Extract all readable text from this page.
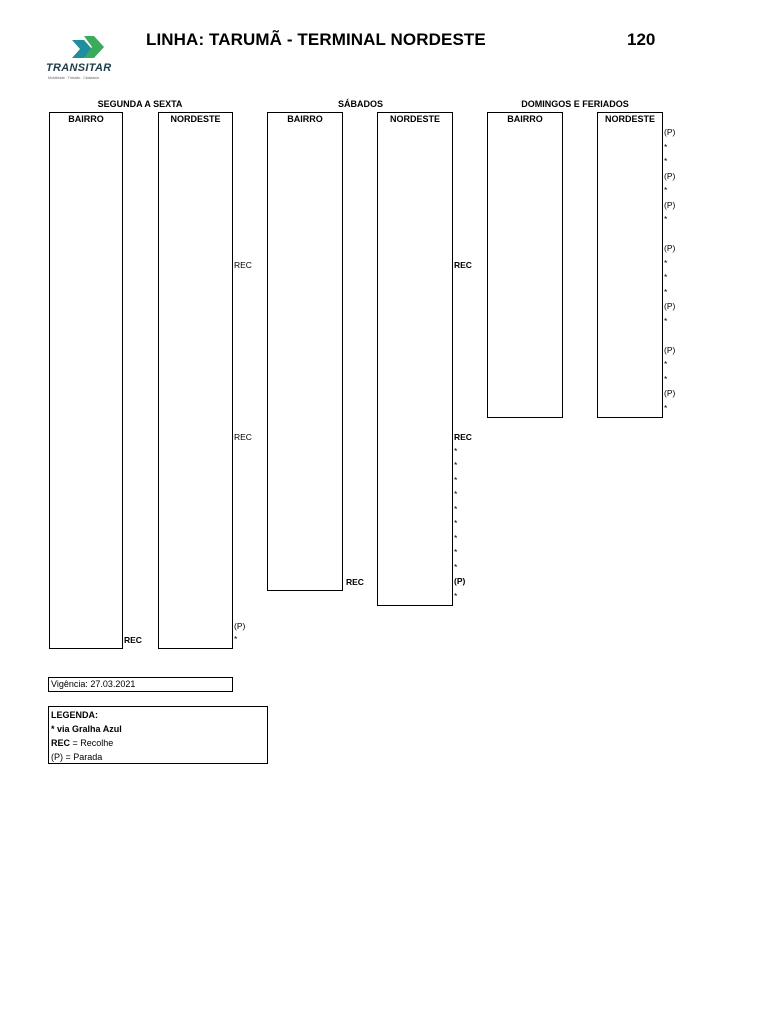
TRANSITAR
Mobilidade . Trânsito . Cidadania
LINHA: TARUMÃ - TERMINAL NORDESTE	120
SEGUNDA A SEXTA	SÁBADOS	DOMINGOS E FERIADOS
BAIRRO	NORDESTE	BAIRRO	NORDESTE	BAIRRO	NORDESTE
REC
REC
(P)
*
REC
REC
REC
*
*
*
*
*
*
*
*
*
(P)
*
REC
(P)
*
*
(P)
*
(P)
*
(P)
*
*
*
(P)
*
(P)
*
*
(P)
*
Vigência: 27.03.2021
LEGENDA:
* via Gralha Azul
REC = Recolhe
(P) = Parada
